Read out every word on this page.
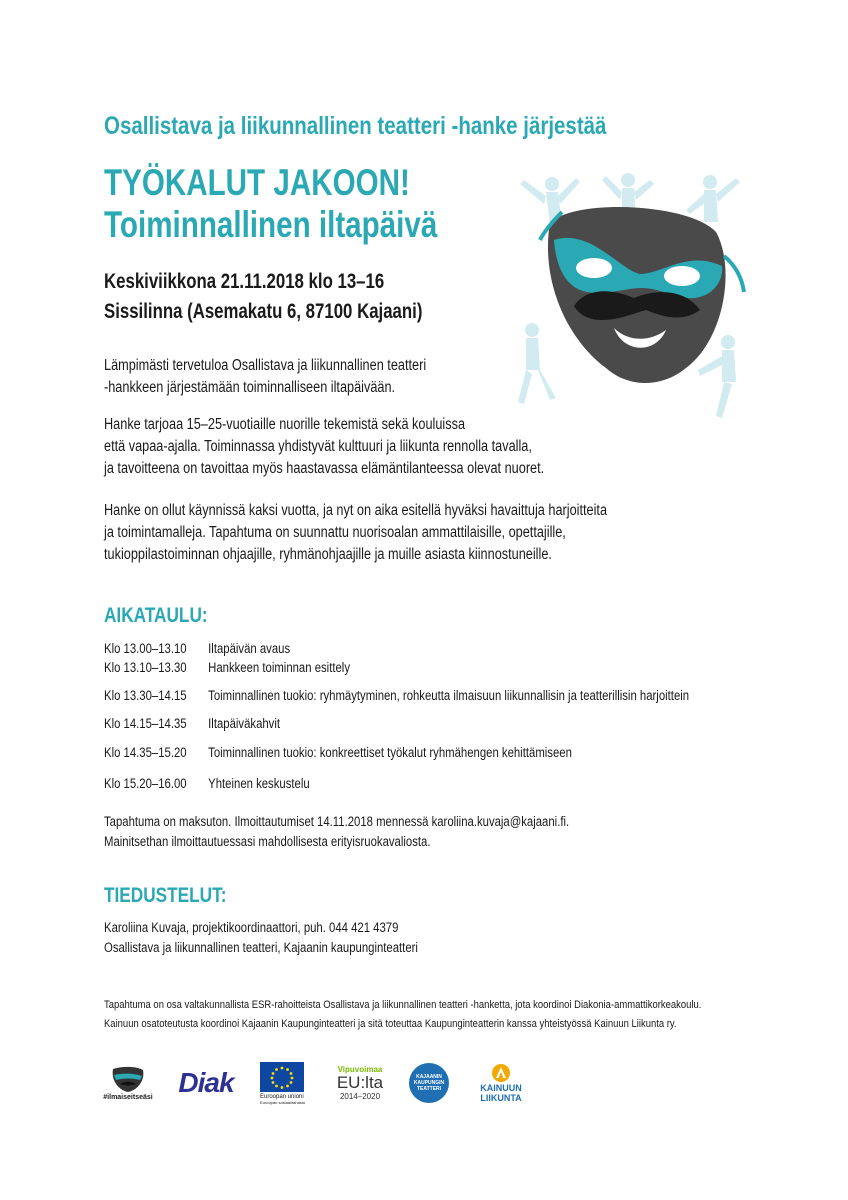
Osallistava ja liikunnallinen teatteri -hanke järjestää
TYÖKALUT JAKOON!
Toiminnallinen iltapäivä
Keskiviikkona 21.11.2018 klo 13–16
Sissilinna (Asemakatu 6, 87100 Kajaani)
Lämpimästi tervetuloa Osallistava ja liikunnallinen teatteri
-hankkeen järjestämään toiminnalliseen iltapäivään.
Hanke tarjoaa 15–25-vuotiaille nuorille tekemistä sekä kouluissa
että vapaa-ajalla. Toiminnassa yhdistyvät kulttuuri ja liikunta rennolla tavalla,
ja tavoitteena on tavoittaa myös haastavassa elämäntilanteessa olevat nuoret.
Hanke on ollut käynnissä kaksi vuotta, ja nyt on aika esitellä hyväksi havaittuja harjoitteita
ja toimintamalleja. Tapahtuma on suunnattu nuorisoalan ammattilaisille, opettajille,
tukioppilastoiminnan ohjaajille, ryhmänohjaajille ja muille asiasta kiinnostuneille.
AIKATAULU:
Klo 13.00–13.10 Iltapäivän avaus
Klo 13.10–13.30 Hankkeen toiminnan esittely
Klo 13.30–14.15 Toiminnallinen tuokio: ryhmäytyminen, rohkeutta ilmaisuun liikunnallisin ja teatterillisin harjoittein
Klo 14.15–14.35 Iltapäiväkahvit
Klo 14.35–15.20 Toiminnallinen tuokio: konkreettiset työkalut ryhmähengen kehittämiseen
Klo 15.20–16.00 Yhteinen keskustelu
Tapahtuma on maksuton. Ilmoittautumiset 14.11.2018 mennessä karoliina.kuvaja@kajaani.fi.
Mainitsethan ilmoittautuessasi mahdollisesta erityisruokavaliosta.
TIEDUSTELUT:
Karoliina Kuvaja, projektikoordinaattori, puh. 044 421 4379
Osallistava ja liikunnallinen teatteri, Kajaanin kaupunginteatteri
Tapahtuma on osa valtakunnallista ESR-rahoitteista Osallistava ja liikunnallinen teatteri -hanketta, jota koordinoi Diakonia-ammattikorkeakoulu.
Kainuun osatoteutusta koordinoi Kajaanin Kaupunginteatteri ja sitä toteuttaa Kaupunginteatterin kanssa yhteistyössä Kainuun Liikunta ry.
#ilmaiseitseäsi Diak	Euroopan unioni
Euroopan sosiaalirahasto
Vipuvoimaa
EU:lta
2014–2020
KAJAANIN KAUPUNGIN TEATTERI	KAINUUN
LIIKUNTA
